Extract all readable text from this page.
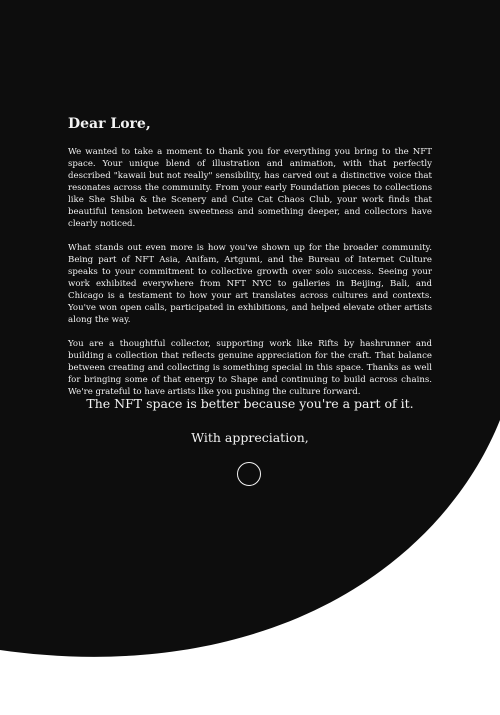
Dear Lore,

We wanted to take a moment to thank you for everything you bring to the NFT space. Your unique blend of illustration and animation, with that perfectly described "kawaii but not really" sensibility, has carved out a distinctive voice that resonates across the community. From your early Foundation pieces to collections like She Shiba & the Scenery and Cute Cat Chaos Club, your work finds that beautiful tension between sweetness and something deeper, and collectors have clearly noticed.

What stands out even more is how you've shown up for the broader community. Being part of NFT Asia, Anifam, Artgumi, and the Bureau of Internet Culture speaks to your commitment to collective growth over solo success. Seeing your work exhibited everywhere from NFT NYC to galleries in Beijing, Bali, and Chicago is a testament to how your art translates across cultures and contexts. You've won open calls, participated in exhibitions, and helped elevate other artists along the way.

You are a thoughtful collector, supporting work like Rifts by hashrunner and building a collection that reflects genuine appreciation for the craft. That balance between creating and collecting is something special in this space. Thanks as well for bringing some of that energy to Shape and continuing to build across chains. We're grateful to have artists like you pushing the culture forward.

The NFT space is better because you're a part of it.
With appreciation,
